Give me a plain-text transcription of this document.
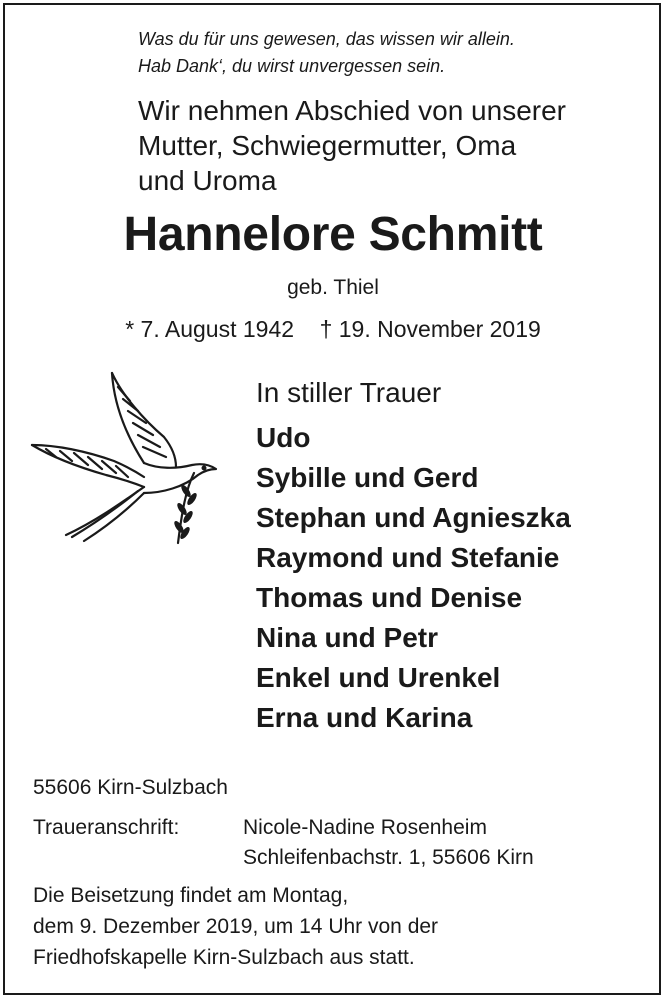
Was du für uns gewesen, das wissen wir allein.
Hab Dank‘, du wirst unvergessen sein.
Wir nehmen Abschied von unserer
Mutter, Schwiegermutter, Oma
und Uroma
Hannelore Schmitt
geb. Thiel
* 7. August 1942    † 19. November 2019
In stiller Trauer
Udo
Sybille und Gerd
Stephan und Agnieszka
Raymond und Stefanie
Thomas und Denise
Nina und Petr
Enkel und Urenkel
Erna und Karina
55606 Kirn-Sulzbach
Traueranschrift:	Nicole-Nadine Rosenheim
Schleifenbachstr. 1, 55606 Kirn
Die Beisetzung findet am Montag,
dem 9. Dezember 2019, um 14 Uhr von der
Friedhofskapelle Kirn-Sulzbach aus statt.
